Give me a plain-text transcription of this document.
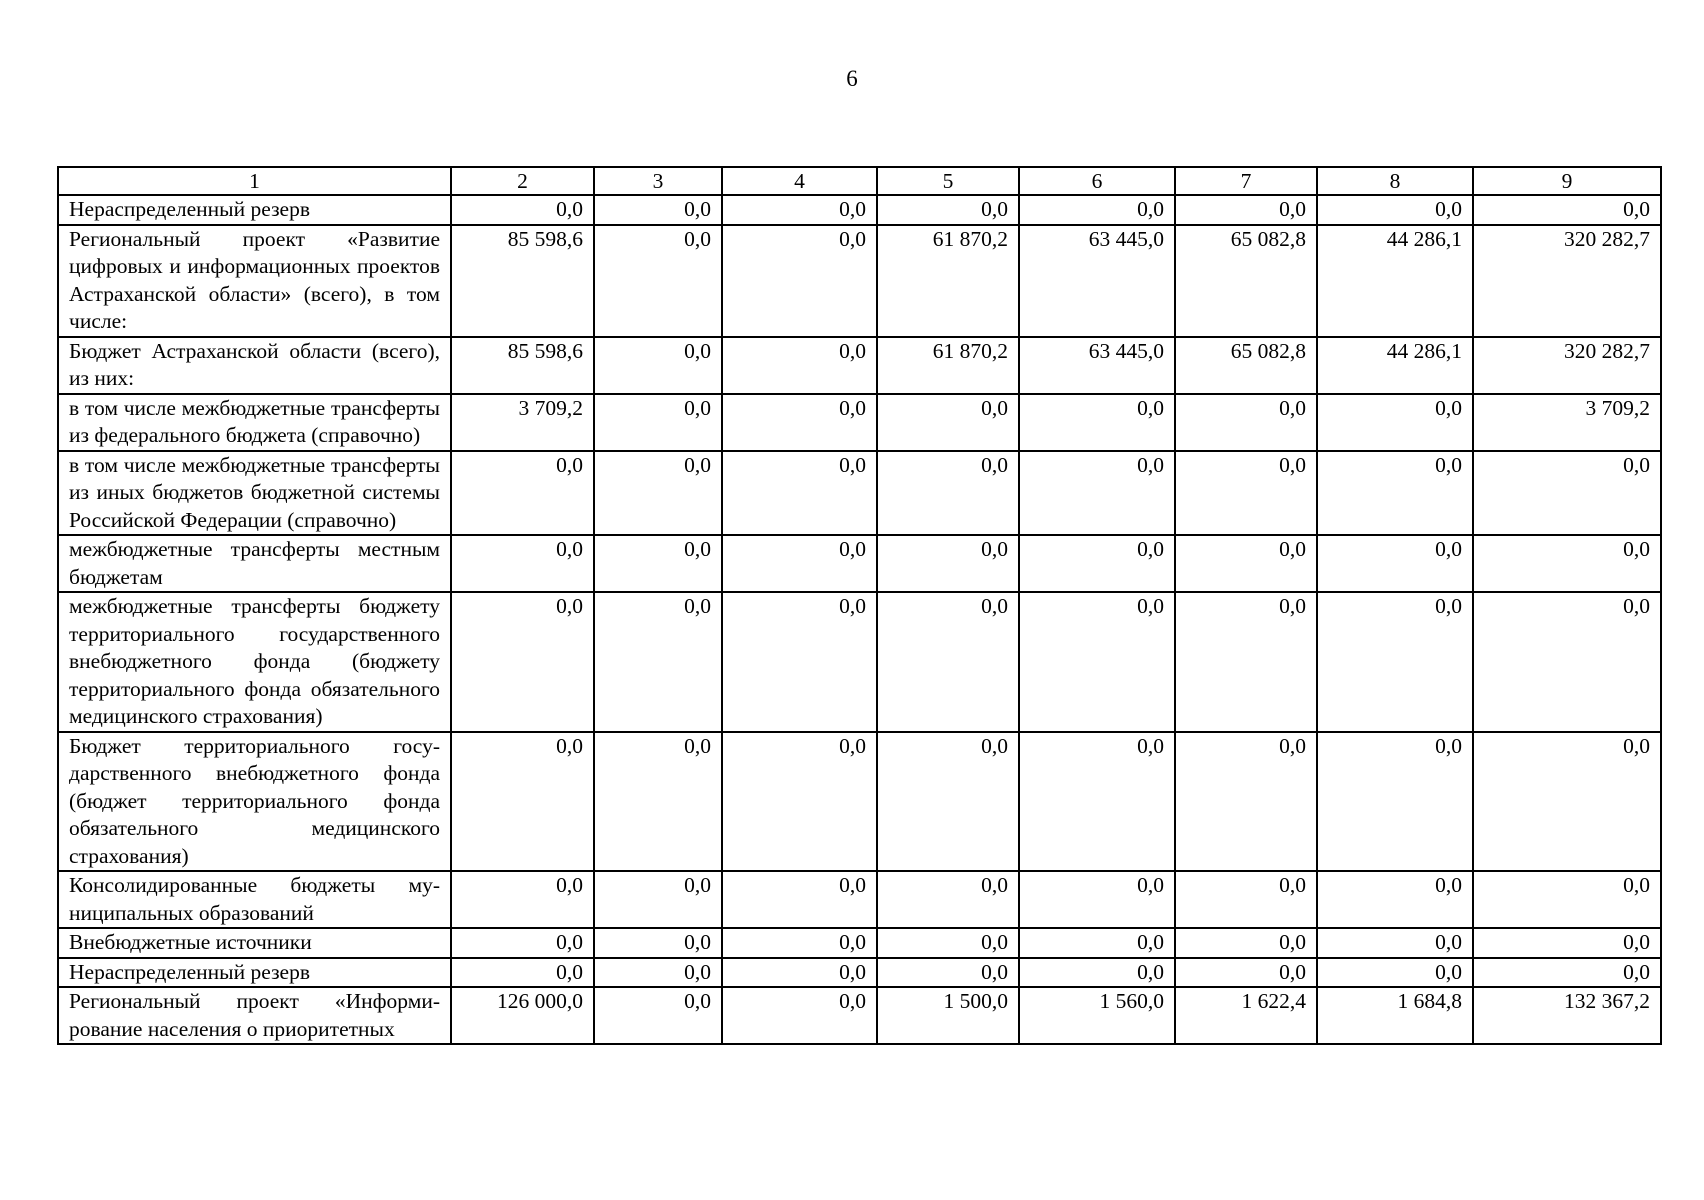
6
1	2	3	4	5	6	7	8	9
Нераспределенный резерв	0,0	0,0	0,0	0,0	0,0	0,0	0,0	0,0
Региональный проект «Развитие цифровых и информационных проектов Астраханской области» (всего), в том числе:	85 598,6	0,0	0,0	61 870,2	63 445,0	65 082,8	44 286,1	320 282,7
Бюджет Астраханской области (всего), из них:	85 598,6	0,0	0,0	61 870,2	63 445,0	65 082,8	44 286,1	320 282,7
в том числе межбюджетные трансферты из федерального бюджета (справочно)	3 709,2	0,0	0,0	0,0	0,0	0,0	0,0	3 709,2
в том числе межбюджетные трансферты из иных бюджетов бюджетной системы Российской Федерации (справочно)	0,0	0,0	0,0	0,0	0,0	0,0	0,0	0,0
межбюджетные трансферты местным бюджетам	0,0	0,0	0,0	0,0	0,0	0,0	0,0	0,0
межбюджетные трансферты бюджету территориального государственного внебюджетного фонда (бюджету территориального фонда обязательного медицинского страхования)	0,0	0,0	0,0	0,0	0,0	0,0	0,0	0,0
Бюджет территориального государственного внебюджетного фонда (бюджет территориального фонда обязательного медицинского страхования)	0,0	0,0	0,0	0,0	0,0	0,0	0,0	0,0
Консолидированные бюджеты муниципальных образований	0,0	0,0	0,0	0,0	0,0	0,0	0,0	0,0
Внебюджетные источники	0,0	0,0	0,0	0,0	0,0	0,0	0,0	0,0
Нераспределенный резерв	0,0	0,0	0,0	0,0	0,0	0,0	0,0	0,0
Региональный проект «Информирование населения о приоритетных	126 000,0	0,0	0,0	1 500,0	1 560,0	1 622,4	1 684,8	132 367,2
